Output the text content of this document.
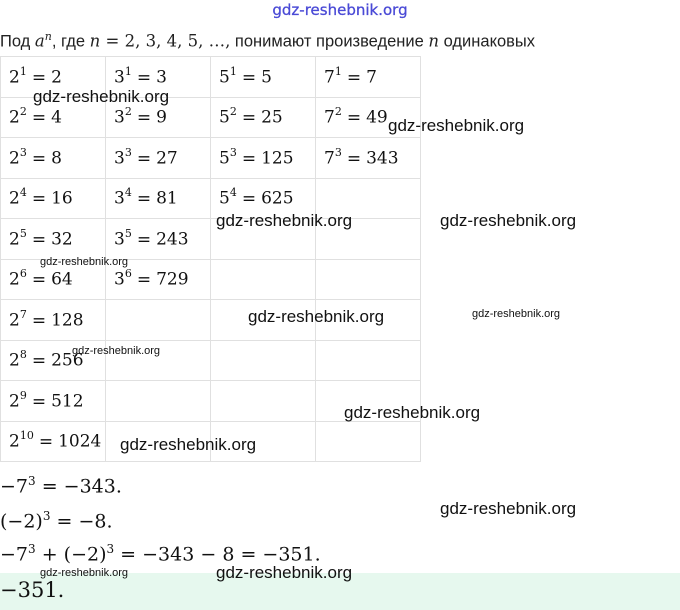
gdz-reshebnik.org
Под $a^n$, где n = 2, 3, 4, 5, …, понимают произведение n одинаковых
$2^1 = 2$	$3^1 = 3$	$5^1 = 5$	$7^1 = 7$
$2^2 = 4$	$3^2 = 9$	$5^2 = 25$	$7^2 = 49$
$2^3 = 8$	$3^3 = 27$	$5^3 = 125$	$7^3 = 343$
$2^4 = 16$	$3^4 = 81$	$5^4 = 625$	
$2^5 = 32$	$3^5 = 243$		
$2^6 = 64$	$3^6 = 729$		
$2^7 = 128$			
$2^8 = 256$			
$2^9 = 512$			
$2^{10} = 1024$			
gdz-reshebnik.org
gdz-reshebnik.org
gdz-reshebnik.org	gdz-reshebnik.org
gdz-reshebnik.org
gdz-reshebnik.org	gdz-reshebnik.org
gdz-reshebnik.org
gdz-reshebnik.org
gdz-reshebnik.org
gdz-reshebnik.org
$-7^3 = -343$.
$(-2)^3 = -8$.
$-7^3 + (-2)^3 = -343 - 8 = -351$.
−351.
gdz-reshebnik.org	gdz-reshebnik.org
